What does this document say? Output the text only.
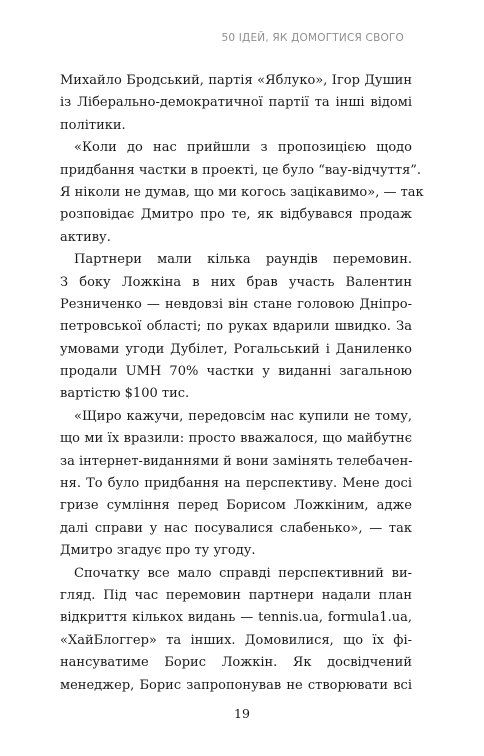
50 ІДЕЙ, ЯК ДОМОГТИСЯ СВОГО
Михайло Бродський, партія «Яблуко», Ігор Душин
із Ліберально-демократичної партії та інші відомі
політики.
«Коли до нас прийшли з пропозицією щодо
придбання частки в проекті, це було “вау-відчуття”.
Я ніколи не думав, що ми когось зацікавимо», — так
розповідає Дмитро про те, як відбувався продаж
активу.
Партнери мали кілька раундів перемовин.
З боку Ложкіна в них брав участь Валентин
Резниченко — невдовзі він стане головою Дніпро-
петровської області; по руках вдарили швидко. За
умовами угоди Дубілет, Рогальський і Даниленко
продали UMH 70% частки у виданні загальною
вартістю $100 тис.
«Щиро кажучи, передовсім нас купили не тому,
що ми їх вразили: просто вважалося, що майбутнє
за інтернет-виданнями й вони замінять телебачен-
ня. То було придбання на перспективу. Мене досі
гризе сумління перед Борисом Ложкіним, адже
далі справи у нас посувалися слабенько», — так
Дмитро згадує про ту угоду.
Спочатку все мало справді перспективний ви-
гляд. Під час перемовин партнери надали план
відкриття кількох видань — tennis.ua, formula1.ua,
«ХайБлоггер» та інших. Домовилися, що їх фі-
нансуватиме Борис Ложкін. Як досвідчений
менеджер, Борис запропонував не створювати всі
19
